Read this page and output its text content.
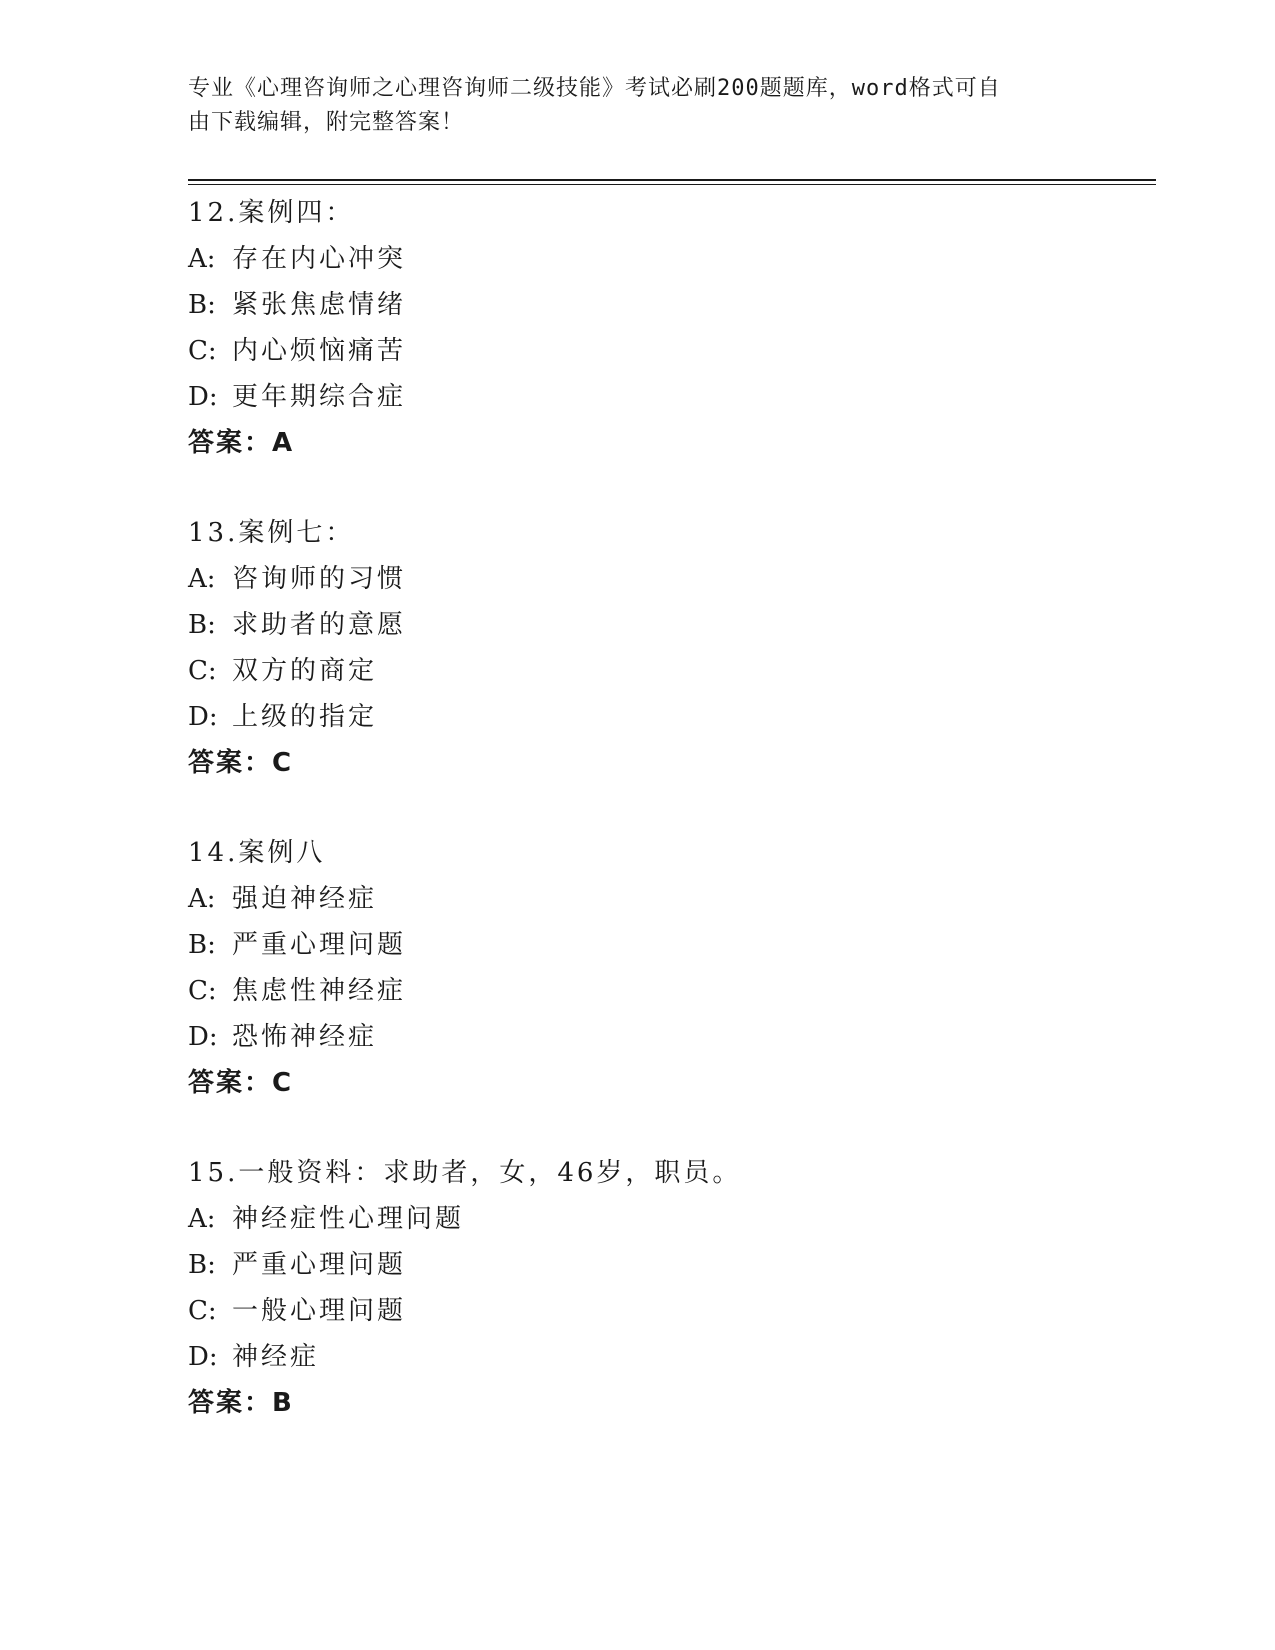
专业《心理咨询师之心理咨询师二级技能》考试必刷200题题库，word格式可自
由下载编辑，附完整答案！
12.案例四：
A: 存在内心冲突
B: 紧张焦虑情绪
C: 内心烦恼痛苦
D: 更年期综合症
答案：A
13.案例七：
A: 咨询师的习惯
B: 求助者的意愿
C: 双方的商定
D: 上级的指定
答案：C
14.案例八
A: 强迫神经症
B: 严重心理问题
C: 焦虑性神经症
D: 恐怖神经症
答案：C
15.一般资料：求助者，女，46岁，职员。
A: 神经症性心理问题
B: 严重心理问题
C: 一般心理问题
D: 神经症
答案：B
